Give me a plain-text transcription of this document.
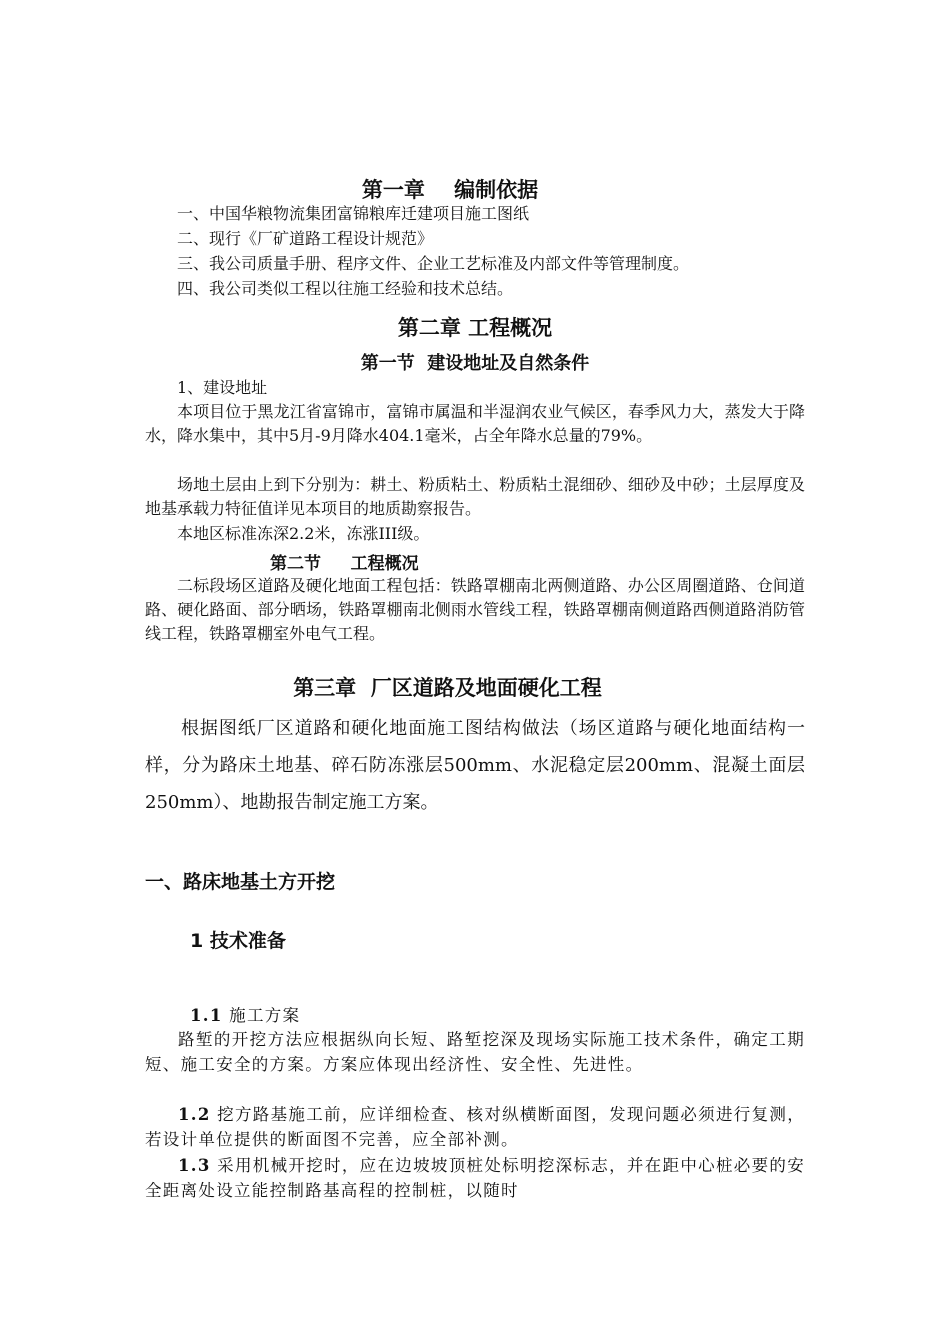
第一章    编制依据
一、中国华粮物流集团富锦粮库迁建项目施工图纸
二、现行《厂矿道路工程设计规范》
三、我公司质量手册、程序文件、企业工艺标准及内部文件等管理制度。
四、我公司类似工程以往施工经验和技术总结。
第二章 工程概况
第一节  建设地址及自然条件
1、建设地址
本项目位于黑龙江省富锦市，富锦市属温和半湿润农业气候区，春季风力大，蒸发大于降水，降水集中，其中5月-9月降水404.1毫米，占全年降水总量的79%。
场地土层由上到下分别为：耕土、粉质粘土、粉质粘土混细砂、细砂及中砂；土层厚度及地基承载力特征值详见本项目的地质勘察报告。
本地区标准冻深2.2米，冻涨III级。
第二节     工程概况
二标段场区道路及硬化地面工程包括：铁路罩棚南北两侧道路、办公区周圈道路、仓间道路、硬化路面、部分晒场，铁路罩棚南北侧雨水管线工程，铁路罩棚南侧道路西侧道路消防管线工程，铁路罩棚室外电气工程。
第三章  厂区道路及地面硬化工程
根据图纸厂区道路和硬化地面施工图结构做法（场区道路与硬化地面结构一样，分为路床土地基、碎石防冻涨层500mm、水泥稳定层200mm、混凝土面层250mm）、地勘报告制定施工方案。
一、路床地基土方开挖
1 技术准备
1.1 施工方案
路堑的开挖方法应根据纵向长短、路堑挖深及现场实际施工技术条件，确定工期短、施工安全的方案。方案应体现出经济性、安全性、先进性。
1.2 挖方路基施工前，应详细检查、核对纵横断面图，发现问题必须进行复测，若设计单位提供的断面图不完善，应全部补测。
1.3 采用机械开挖时，应在边坡坡顶桩处标明挖深标志，并在距中心桩必要的安全距离处设立能控制路基高程的控制桩，以随时
